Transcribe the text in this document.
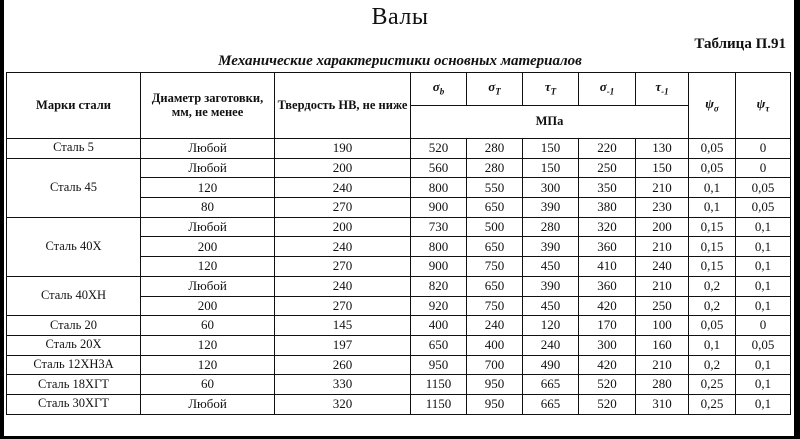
Валы
Таблица П.91
Механические характеристики основных материалов
Марки стали	Диаметр заготовки, мм, не менее	Твердость НВ, не ниже	$\sigma_b$	$\sigma_T$	$\tau_T$	$\sigma_{-1}$	$\tau_{-1}$	$\psi_\sigma$	$\psi_\tau$
			МПа						
Сталь 5	Любой	190	520	280	150	220	130	0,05	0
Сталь 45	Любой	200	560	280	150	250	150	0,05	0
	120	240	800	550	300	350	210	0,1	0,05
	80	270	900	650	390	380	230	0,1	0,05
Сталь 40Х	Любой	200	730	500	280	320	200	0,15	0,1
	200	240	800	650	390	360	210	0,15	0,1
	120	270	900	750	450	410	240	0,15	0,1
Сталь 40ХН	Любой	240	820	650	390	360	210	0,2	0,1
	200	270	920	750	450	420	250	0,2	0,1
Сталь 20	60	145	400	240	120	170	100	0,05	0
Сталь 20Х	120	197	650	400	240	300	160	0,1	0,05
Сталь 12ХН3А	120	260	950	700	490	420	210	0,2	0,1
Сталь 18ХГТ	60	330	1150	950	665	520	280	0,25	0,1
Сталь 30ХГТ	Любой	320	1150	950	665	520	310	0,25	0,1
